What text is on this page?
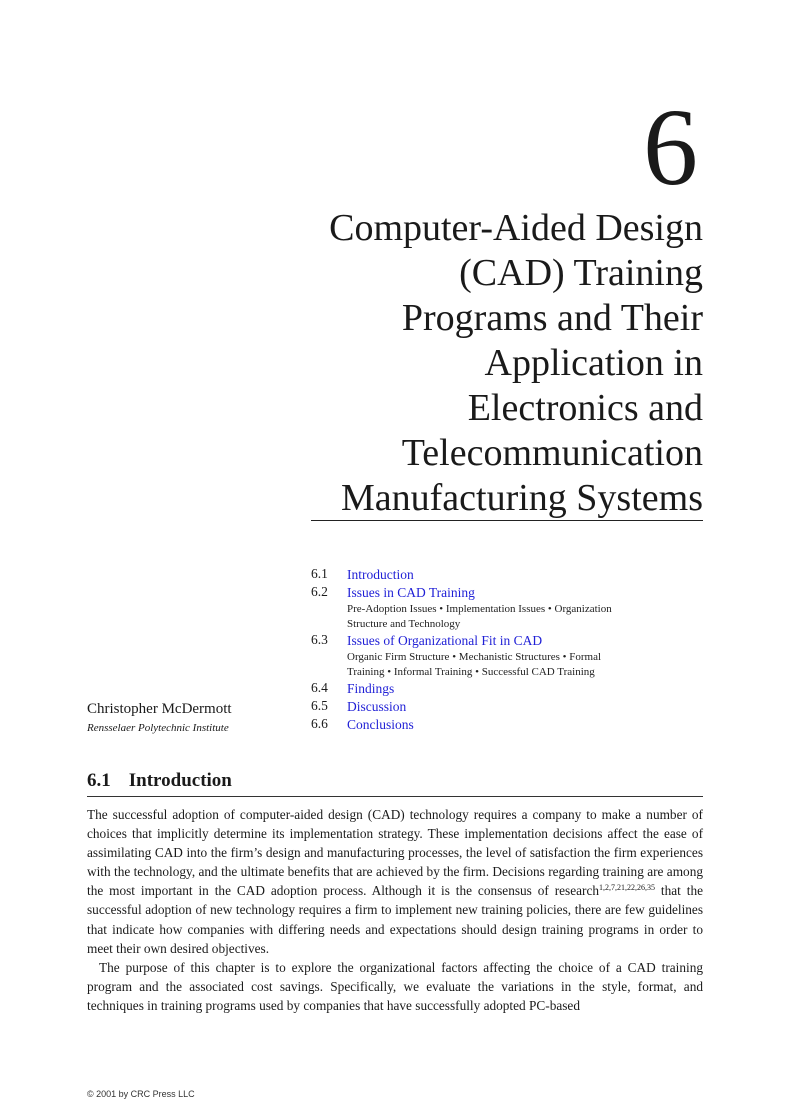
6
Computer-Aided Design
(CAD) Training
Programs and Their
Application in
Electronics and
Telecommunication
Manufacturing Systems
6.1	Introduction
6.2	Issues in CAD Training
Pre-Adoption Issues • Implementation Issues • Organization
Structure and Technology
6.3	Issues of Organizational Fit in CAD
Organic Firm Structure • Mechanistic Structures • Formal
Training • Informal Training • Successful CAD Training
6.4	Findings
6.5	Discussion
6.6	Conclusions
Christopher McDermott
Rensselaer Polytechnic Institute
6.1 Introduction

The successful adoption of computer-aided design (CAD) technology requires a company to make a number of choices that implicitly determine its implementation strategy. These implementation decisions affect the ease of assimilating CAD into the firm’s design and manufacturing processes, the level of satisfaction the firm experiences with the technology, and the ultimate benefits that are achieved by the firm. Decisions regarding training are among the most important in the CAD adoption process. Although it is the consensus of research$^{1,2,7,21,22,26,35}$ that the successful adoption of new technology requires a firm to implement new training policies, there are few guidelines that indicate how companies with differing needs and expectations should design training programs in order to meet their own desired objectives.

The purpose of this chapter is to explore the organizational factors affecting the choice of a CAD training program and the associated cost savings. Specifically, we evaluate the variations in the style, format, and techniques in training programs used by companies that have successfully adopted PC-based

© 2001 by CRC Press LLC
